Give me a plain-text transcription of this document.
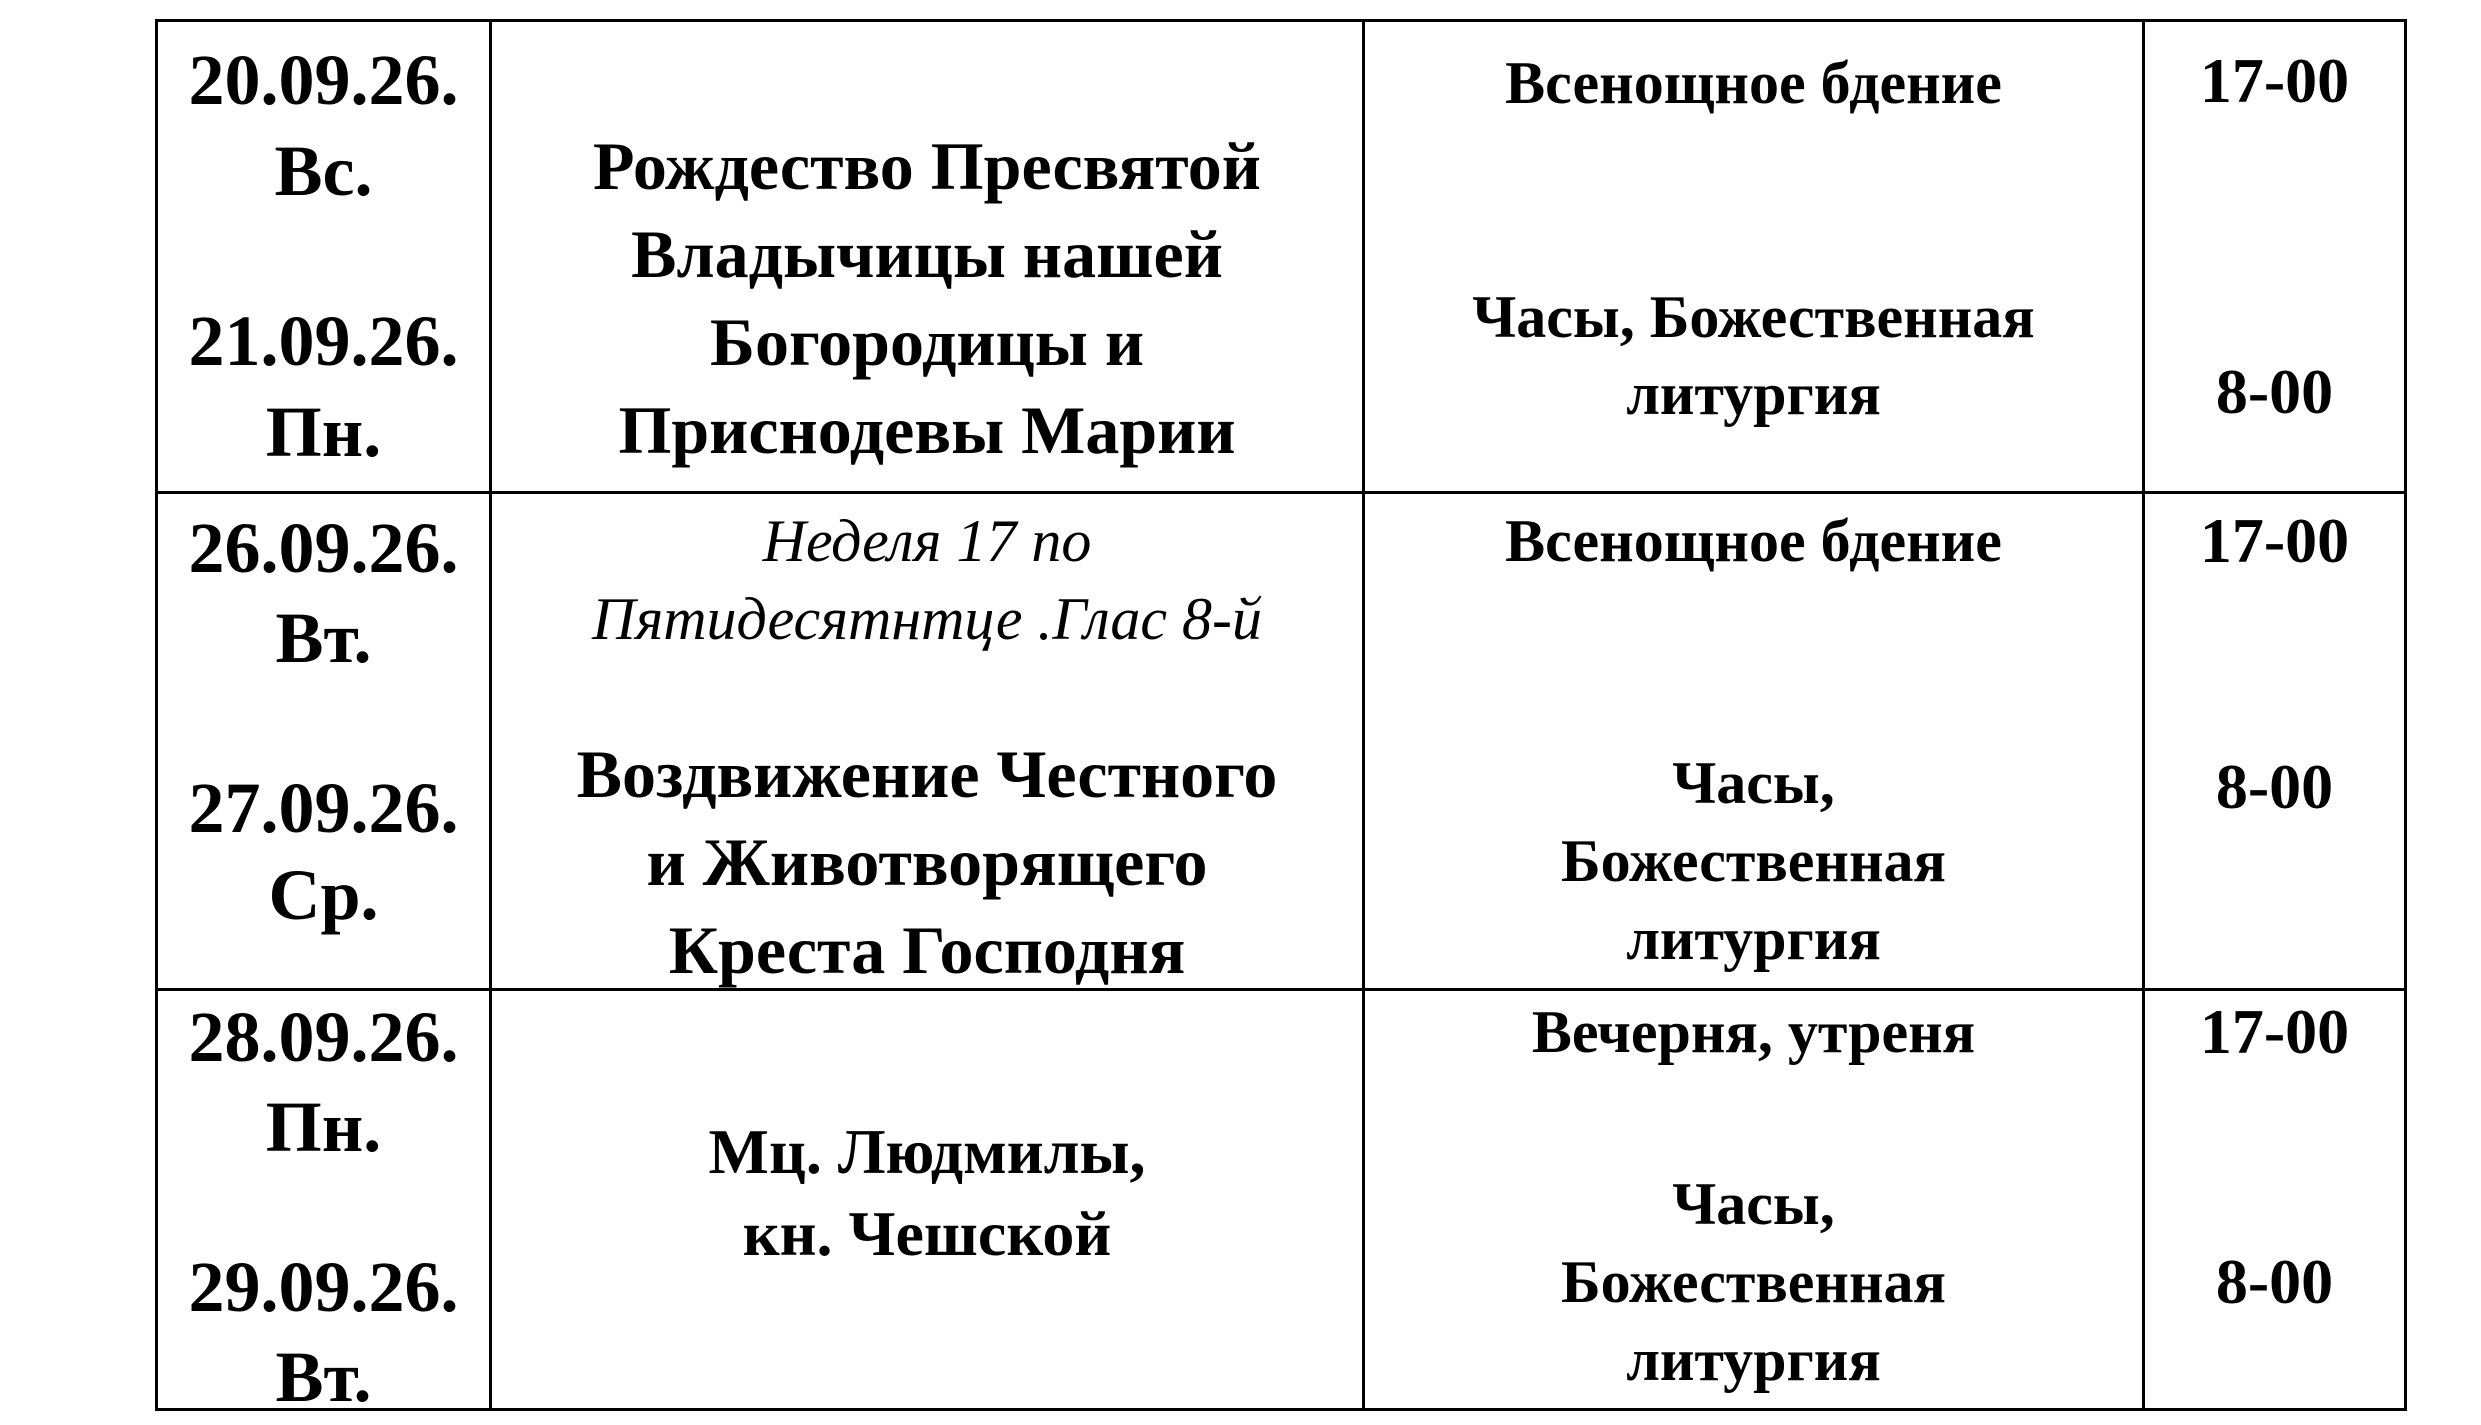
20.09.26.
Вс.
21.09.26.
Пн.
Рождество Пресвятой
Владычицы нашей
Богородицы и
Приснодевы Марии
Всенощное бдение
Часы, Божественная
литургия
17-00
8-00
26.09.26.
Вт.
27.09.26.
Ср.
Неделя 17 по
Пятидесятнтце .Глас 8-й
Воздвижение Честного
и Животворящего
Креста Господня
Всенощное бдение
Часы,
Божественная
литургия
17-00
8-00
28.09.26.
Пн.
29.09.26.
Вт.
Мц. Людмилы,
кн. Чешской
Вечерня, утреня
Часы,
Божественная
литургия
17-00
8-00
